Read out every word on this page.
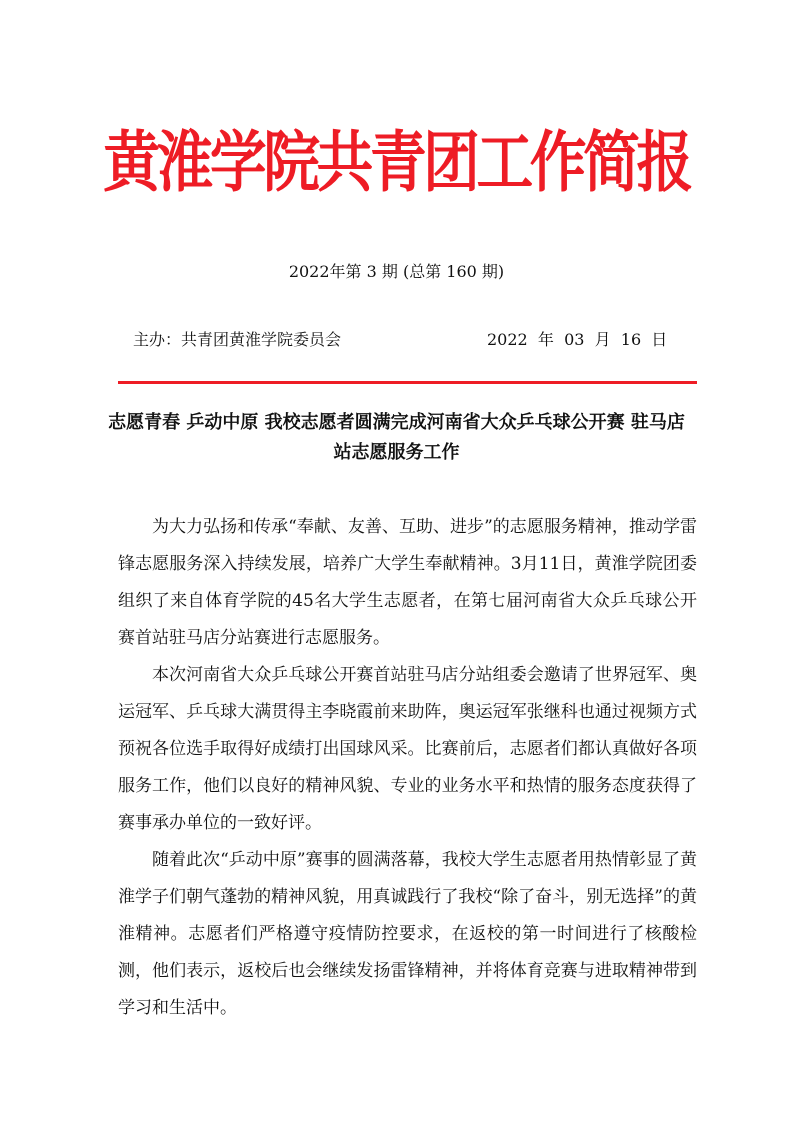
黄淮学院共青团工作简报
2022年第 3 期 (总第 160 期)
主办：共青团黄淮学院委员会	2022  年  03  月  16  日
志愿青春 乒动中原 我校志愿者圆满完成河南省大众乒乓球公开赛 驻马店站志愿服务工作

为大力弘扬和传承“奉献、友善、互助、进步”的志愿服务精神，推动学雷锋志愿服务深入持续发展，培养广大学生奉献精神。3月11日，黄淮学院团委组织了来自体育学院的45名大学生志愿者，在第七届河南省大众乒乓球公开赛首站驻马店分站赛进行志愿服务。

本次河南省大众乒乓球公开赛首站驻马店分站组委会邀请了世界冠军、奥运冠军、乒乓球大满贯得主李晓霞前来助阵，奥运冠军张继科也通过视频方式预祝各位选手取得好成绩打出国球风采。比赛前后，志愿者们都认真做好各项服务工作，他们以良好的精神风貌、专业的业务水平和热情的服务态度获得了赛事承办单位的一致好评。

随着此次“乒动中原”赛事的圆满落幕，我校大学生志愿者用热情彰显了黄淮学子们朝气蓬勃的精神风貌，用真诚践行了我校“除了奋斗，别无选择”的黄淮精神。志愿者们严格遵守疫情防控要求，在返校的第一时间进行了核酸检测，他们表示，返校后也会继续发扬雷锋精神，并将体育竞赛与进取精神带到学习和生活中。
